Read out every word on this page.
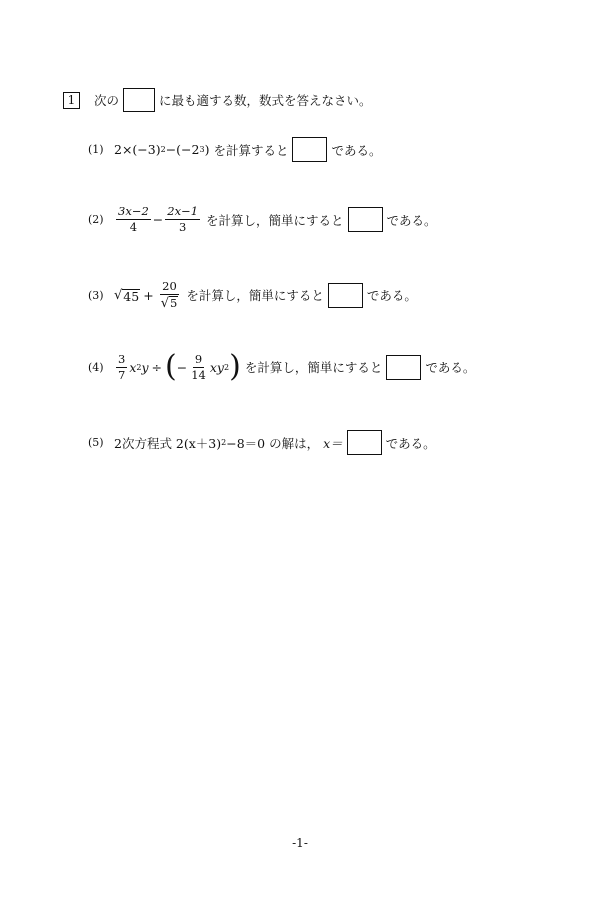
1	次の	に最も適する数，数式を答えなさい。
(1) 2×(−3) 2 −(−2 3 ) を計算すると	である。
(2)	$\frac{3x-2}{4} - \frac{2x-1}{3}$ を計算し，簡単にすると	である。
(3) √ $45 + \frac{20}{√ 5}$ を計算し，簡単にすると	である。
(4)	$\frac{3}{7}$ x 2 y ÷ ( − $\frac{9}{14}$ xy 2 ) を計算し，簡単にすると	である。
(5) 2次方程式 2(x＋3) 2 −8＝0 の解は， x＝	である。
-1-
